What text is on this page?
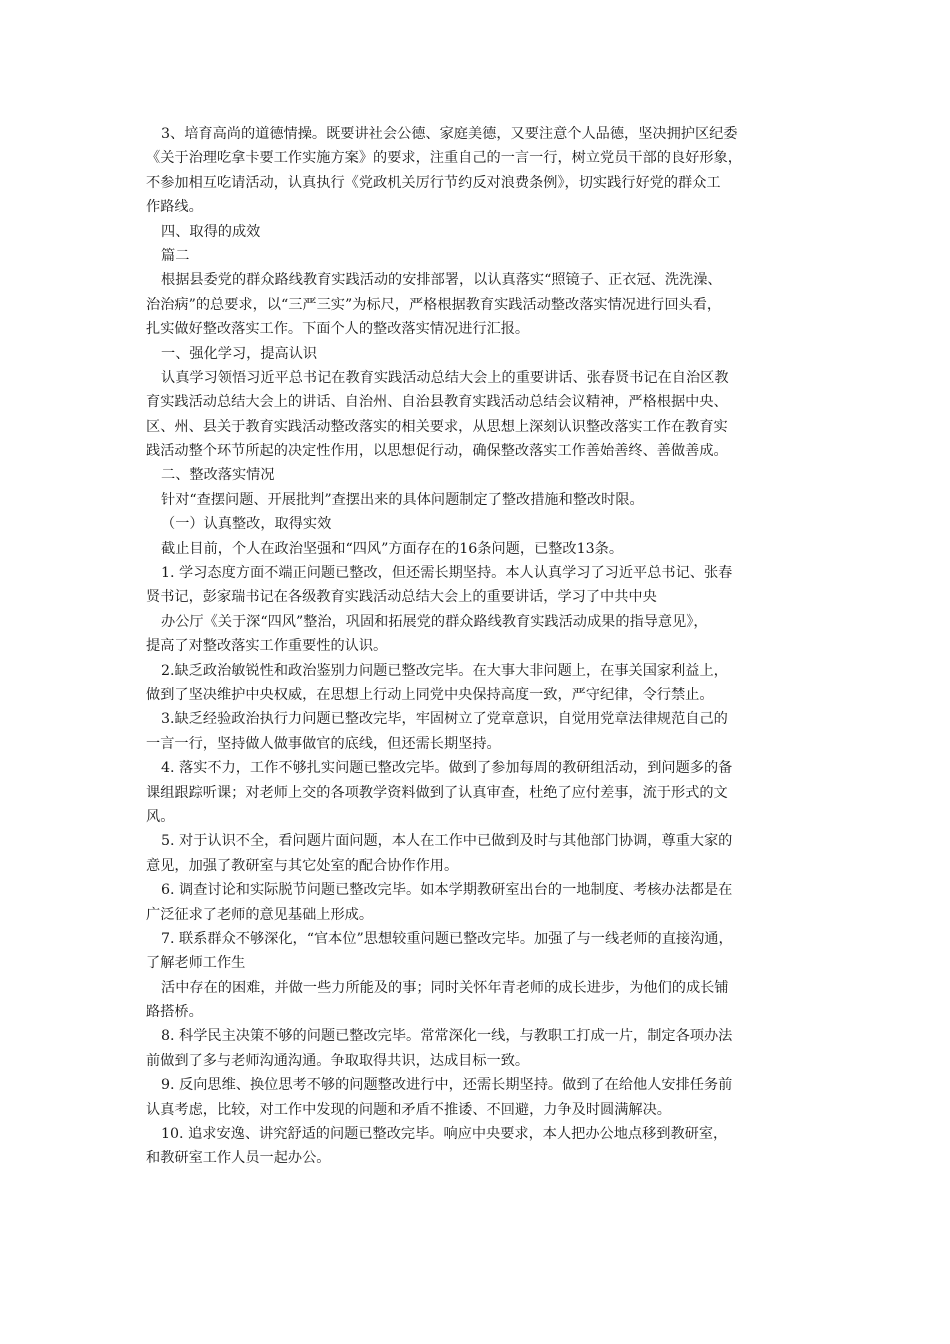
3、培育高尚的道德情操。既要讲社会公德、家庭美德，又要注意个人品德，坚决拥护区纪委
《关于治理吃拿卡要工作实施方案》的要求，注重自己的一言一行，树立党员干部的良好形象，
不参加相互吃请活动，认真执行《党政机关厉行节约反对浪费条例》，切实践行好党的群众工
作路线。
四、取得的成效
篇二
根据县委党的群众路线教育实践活动的安排部署，以认真落实“照镜子、正衣冠、洗洗澡、
治治病”的总要求，以“三严三实”为标尺，严格根据教育实践活动整改落实情况进行回头看，
扎实做好整改落实工作。下面个人的整改落实情况进行汇报。
一、强化学习，提高认识
认真学习领悟习近平总书记在教育实践活动总结大会上的重要讲话、张春贤书记在自治区教
育实践活动总结大会上的讲话、自治州、自治县教育实践活动总结会议精神，严格根据中央、
区、州、县关于教育实践活动整改落实的相关要求，从思想上深刻认识整改落实工作在教育实
践活动整个环节所起的决定性作用，以思想促行动，确保整改落实工作善始善终、善做善成。
二、整改落实情况
针对“查摆问题、开展批判”查摆出来的具体问题制定了整改措施和整改时限。
（一）认真整改，取得实效
截止目前，个人在政治坚强和“四风”方面存在的16条问题，已整改13条。
1. 学习态度方面不端正问题已整改，但还需长期坚持。本人认真学习了习近平总书记、张春
贤书记，彭家瑞书记在各级教育实践活动总结大会上的重要讲话，学习了中共中央
办公厅《关于深“四风”整治，巩固和拓展党的群众路线教育实践活动成果的指导意见》，
提高了对整改落实工作重要性的认识。
2.缺乏政治敏锐性和政治鉴别力问题已整改完毕。在大事大非问题上，在事关国家利益上，
做到了坚决维护中央权威，在思想上行动上同党中央保持高度一致，严守纪律，令行禁止。
3.缺乏经验政治执行力问题已整改完毕，牢固树立了党章意识，自觉用党章法律规范自己的
一言一行，坚持做人做事做官的底线，但还需长期坚持。
4. 落实不力，工作不够扎实问题已整改完毕。做到了参加每周的教研组活动，到问题多的备
课组跟踪听课；对老师上交的各项教学资料做到了认真审查，杜绝了应付差事，流于形式的文
风。
5. 对于认识不全，看问题片面问题，本人在工作中已做到及时与其他部门协调，尊重大家的
意见，加强了教研室与其它处室的配合协作作用。
6. 调查讨论和实际脱节问题已整改完毕。如本学期教研室出台的一地制度、考核办法都是在
广泛征求了老师的意见基础上形成。
7. 联系群众不够深化，“官本位”思想较重问题已整改完毕。加强了与一线老师的直接沟通，
了解老师工作生
活中存在的困难，并做一些力所能及的事；同时关怀年青老师的成长进步，为他们的成长铺
路搭桥。
8. 科学民主决策不够的问题已整改完毕。常常深化一线，与教职工打成一片，制定各项办法
前做到了多与老师沟通沟通。争取取得共识，达成目标一致。
9. 反向思维、换位思考不够的问题整改进行中，还需长期坚持。做到了在给他人安排任务前
认真考虑，比较，对工作中发现的问题和矛盾不推诿、不回避，力争及时圆满解决。
10. 追求安逸、讲究舒适的问题已整改完毕。响应中央要求，本人把办公地点移到教研室，
和教研室工作人员一起办公。
